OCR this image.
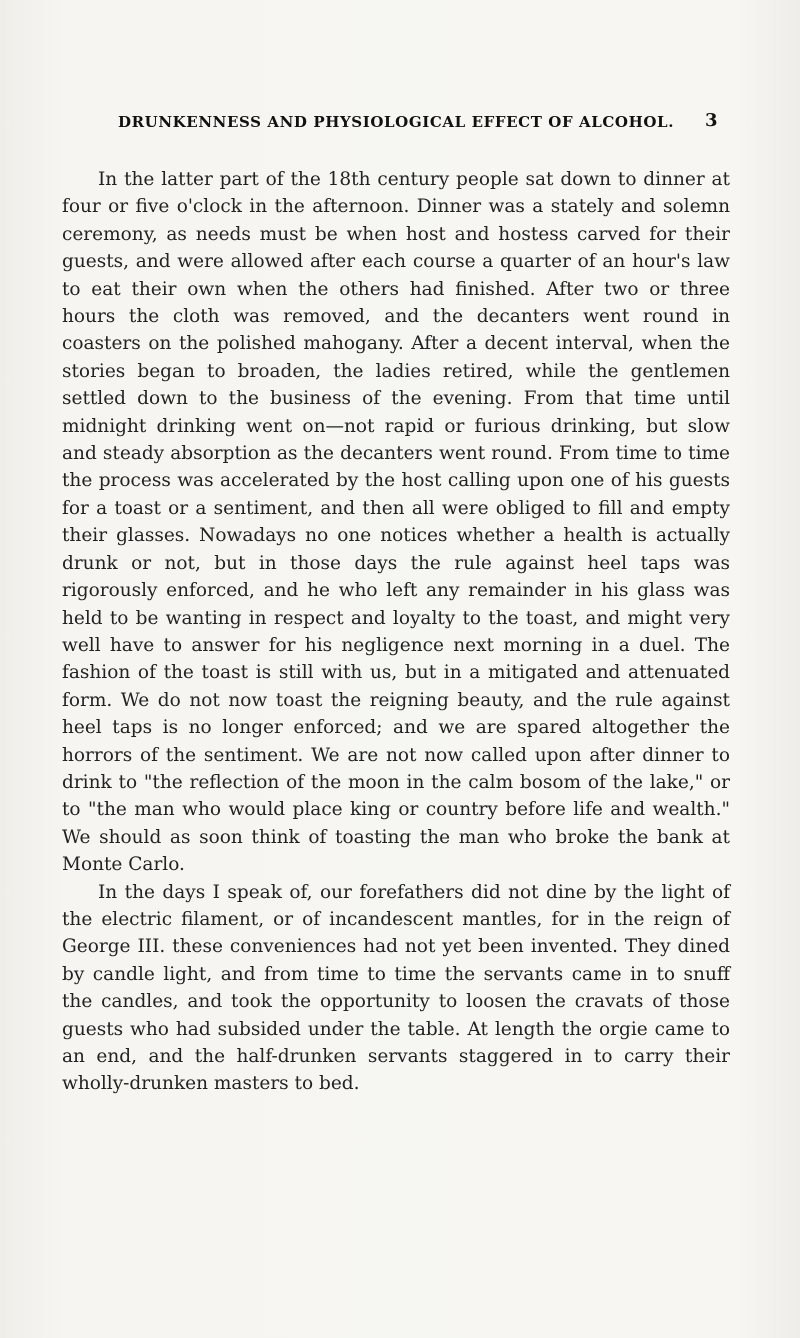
DRUNKENNESS AND PHYSIOLOGICAL EFFECT OF ALCOHOL.	3

In the latter part of the 18th century people sat down to dinner at four or five o'clock in the afternoon. Dinner was a stately and solemn ceremony, as needs must be when host and hostess carved for their guests, and were allowed after each course a quarter of an hour's law to eat their own when the others had finished. After two or three hours the cloth was removed, and the decanters went round in coasters on the polished mahogany. After a decent interval, when the stories began to broaden, the ladies retired, while the gentlemen settled down to the business of the evening. From that time until midnight drinking went on—not rapid or furious drinking, but slow and steady absorption as the decanters went round. From time to time the process was accelerated by the host calling upon one of his guests for a toast or a sentiment, and then all were obliged to fill and empty their glasses. Nowadays no one notices whether a health is actually drunk or not, but in those days the rule against heel taps was rigorously enforced, and he who left any remainder in his glass was held to be wanting in respect and loyalty to the toast, and might very well have to answer for his negligence next morning in a duel. The fashion of the toast is still with us, but in a mitigated and attenuated form. We do not now toast the reigning beauty, and the rule against heel taps is no longer enforced; and we are spared altogether the horrors of the sentiment. We are not now called upon after dinner to drink to "the reflection of the moon in the calm bosom of the lake," or to "the man who would place king or country before life and wealth." We should as soon think of toasting the man who broke the bank at Monte Carlo.

In the days I speak of, our forefathers did not dine by the light of the electric filament, or of incandescent mantles, for in the reign of George III. these conveniences had not yet been invented. They dined by candle light, and from time to time the servants came in to snuff the candles, and took the opportunity to loosen the cravats of those guests who had subsided under the table. At length the orgie came to an end, and the half-drunken servants staggered in to carry their wholly-drunken masters to bed.
